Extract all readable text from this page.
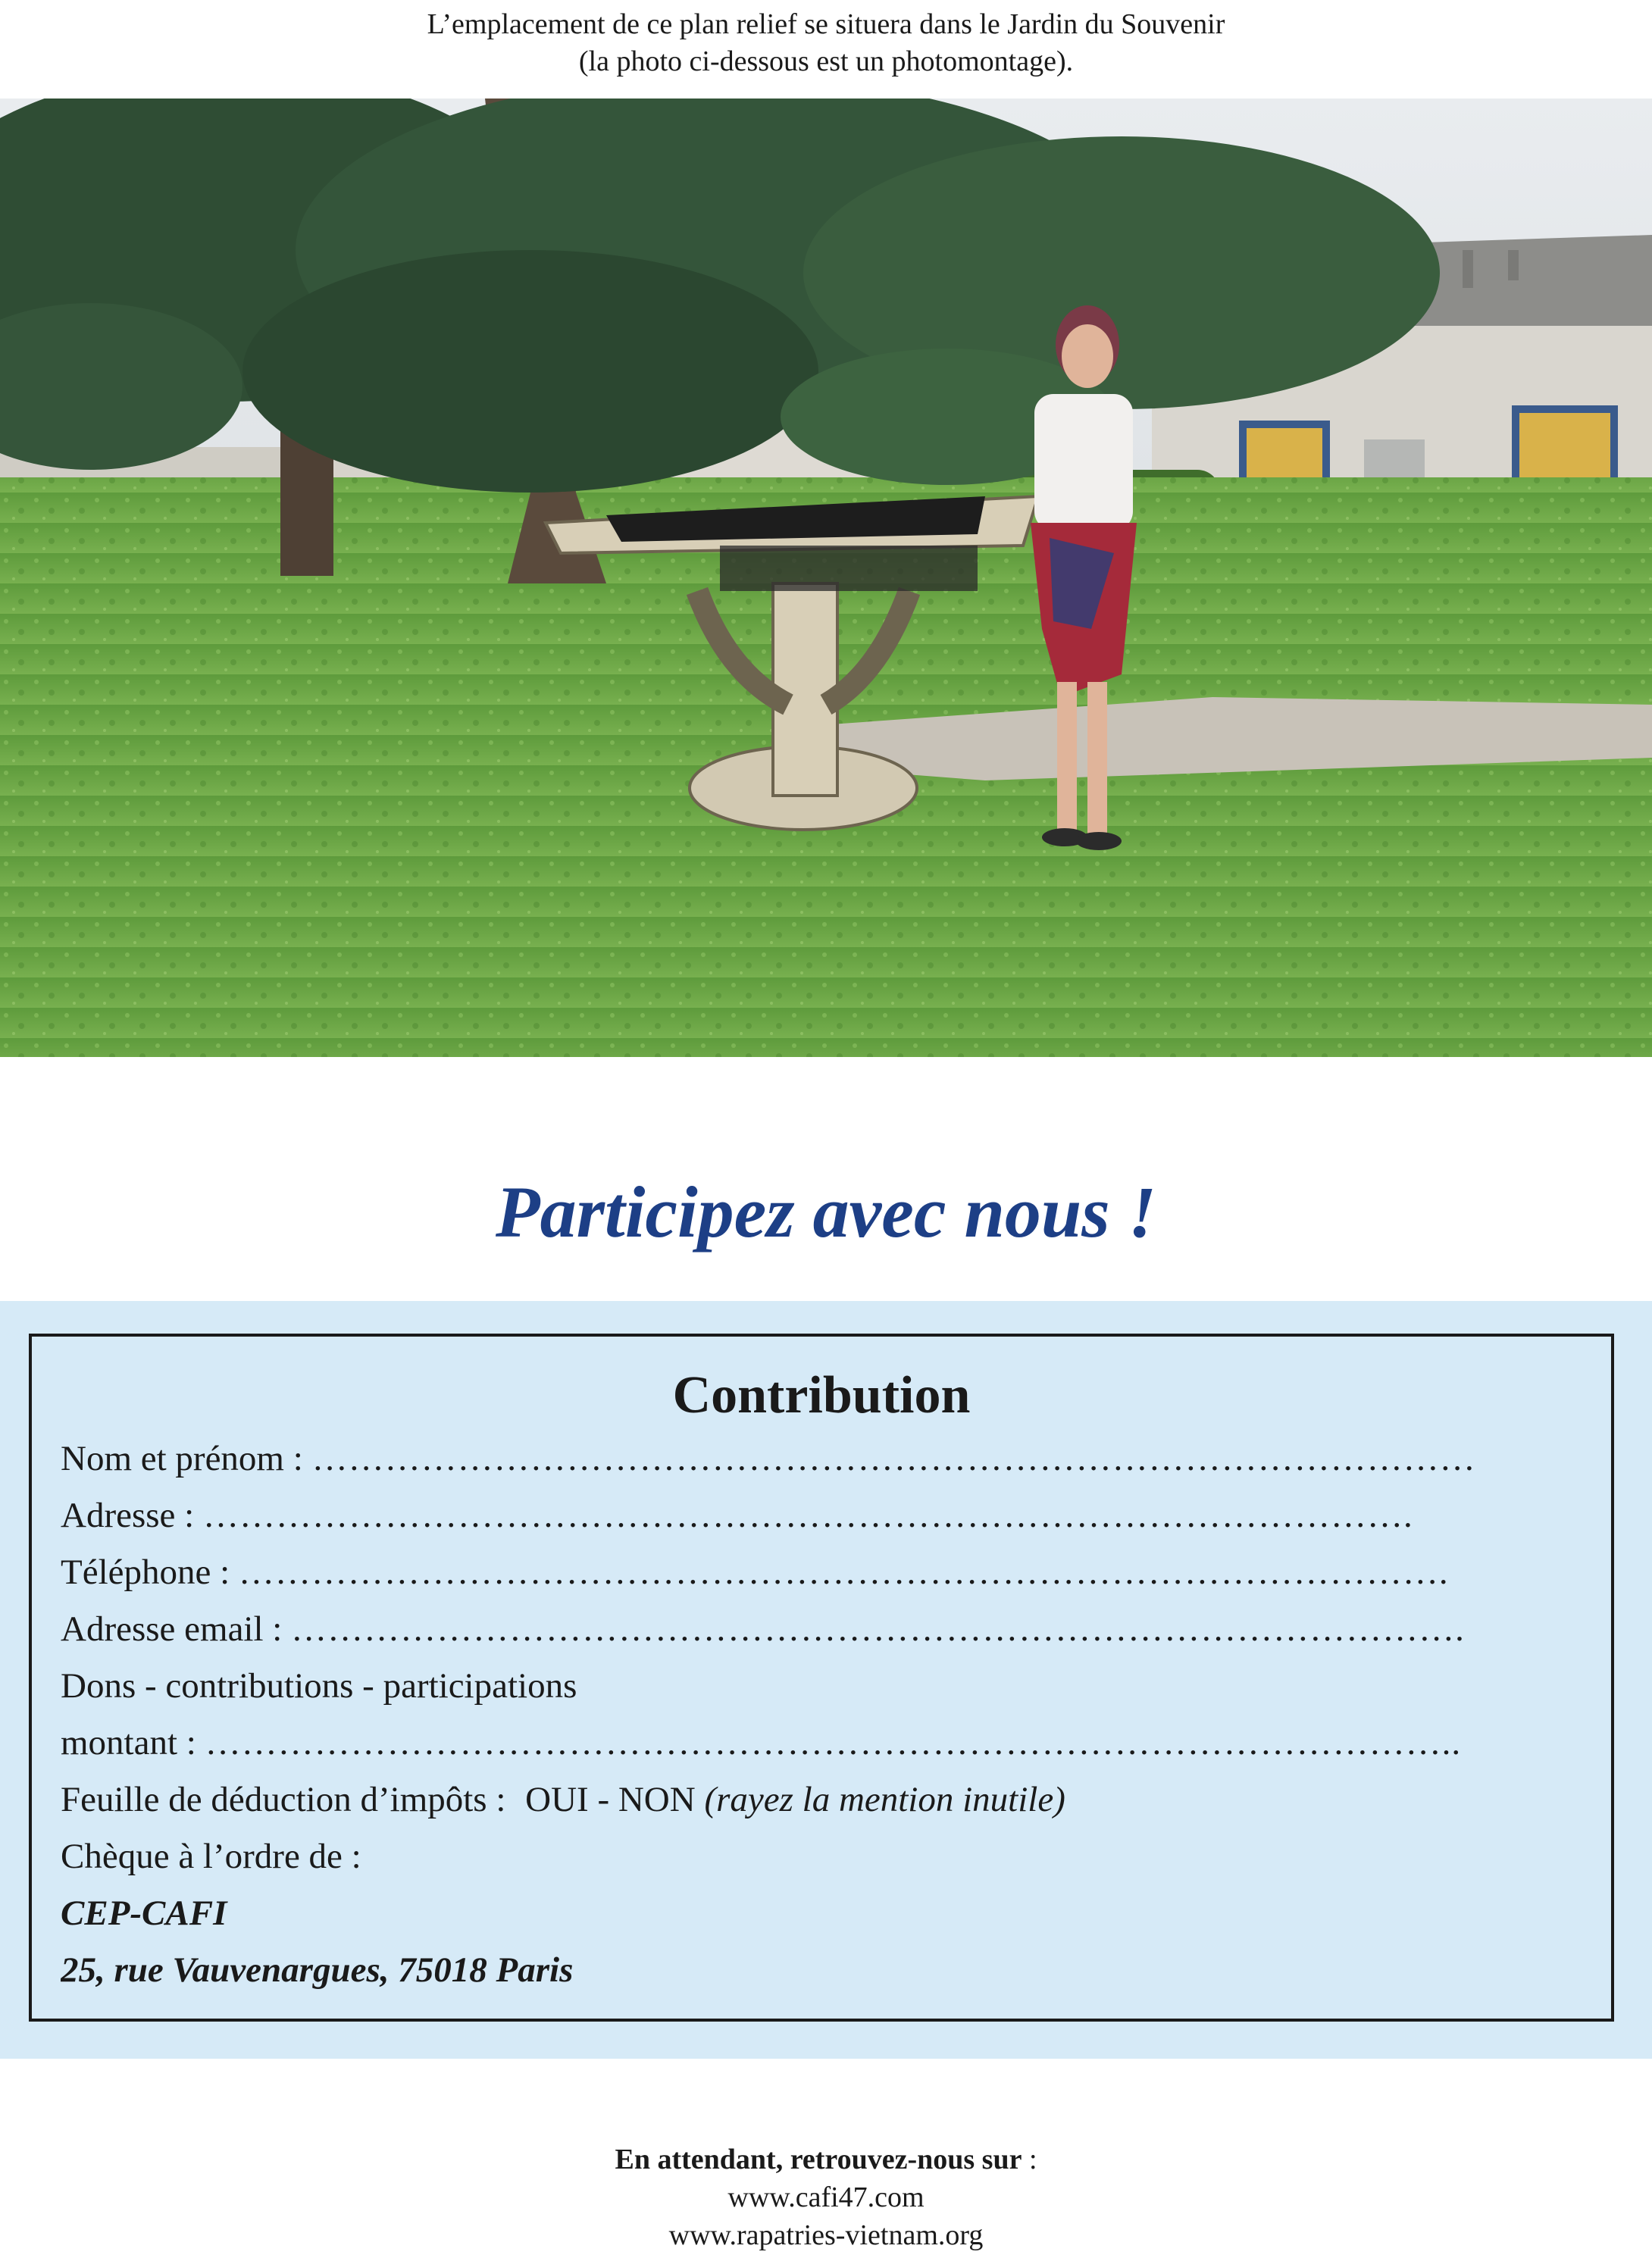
L’emplacement de ce plan relief se situera dans le Jardin du Souvenir
(la photo ci-dessous est un photomontage).
Participez avec nous !
Contribution
Nom et prénom : ……………………………………………………………………………………
Adresse : ……………………………………………………………………………………….
Téléphone : ……………………………………………………………………………………….
Adresse email : …………………………………………………………………………………….
Dons - contributions - participations
montant : …………………………………………………………………………………………..
Feuille de déduction d’impôts : OUI - NON (rayez la mention inutile)
Chèque à l’ordre de :
CEP-CAFI
25, rue Vauvenargues, 75018 Paris
En attendant, retrouvez-nous sur :
www.cafi47.com
www.rapatries-vietnam.org
